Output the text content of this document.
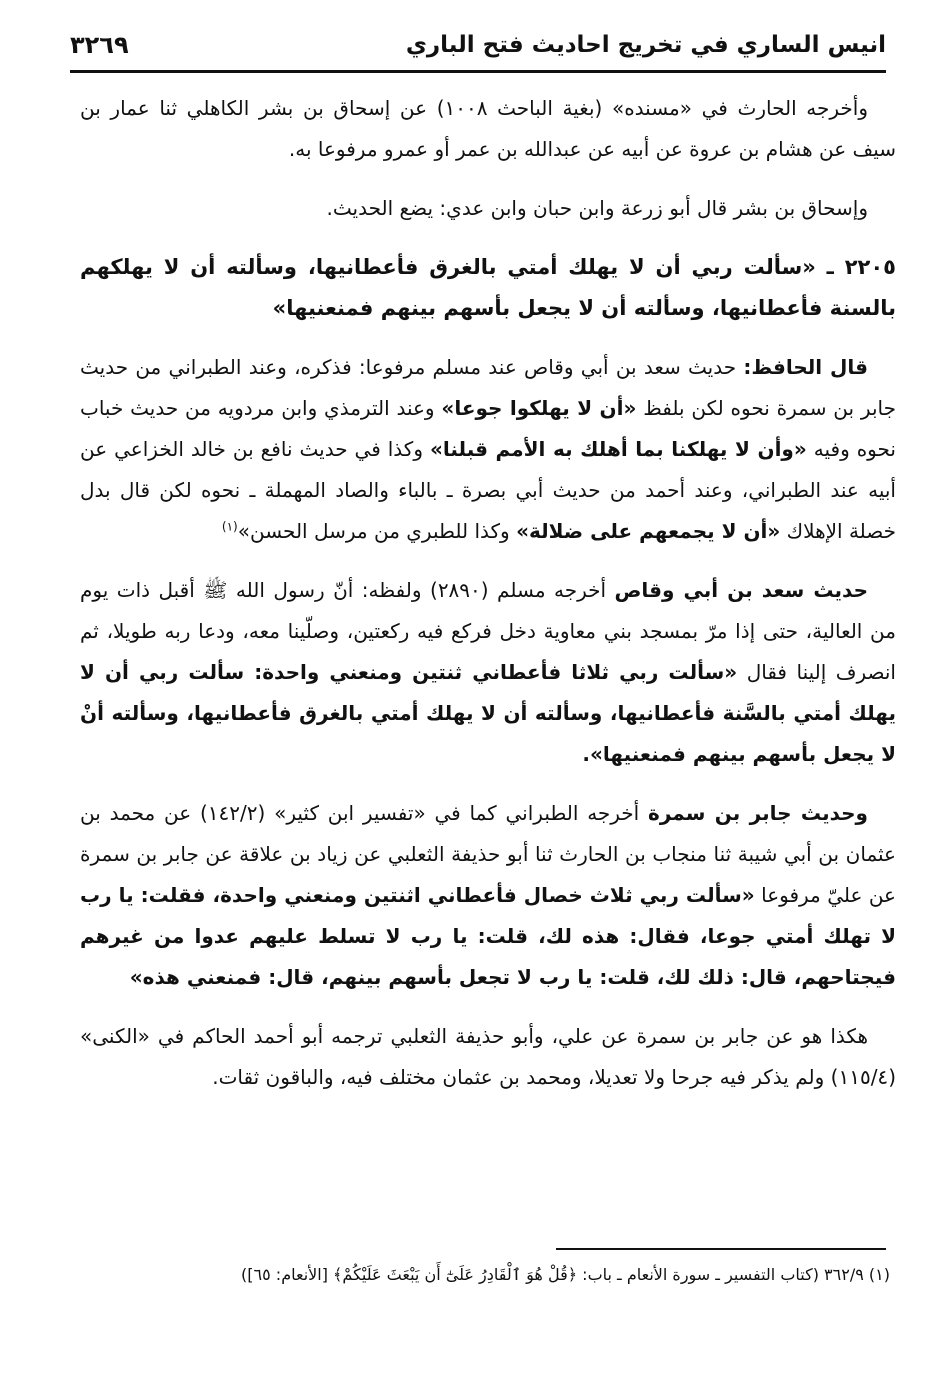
انيس الساري في تخريج احاديث فتح الباري
٣٢٦٩

وأخرجه الحارث في «مسنده» (بغية الباحث ١٠٠٨) عن إسحاق بن بشر الكاهلي ثنا عمار بن سيف عن هشام بن عروة عن أبيه عن عبدالله بن عمر أو عمرو مرفوعا به.

وإسحاق بن بشر قال أبو زرعة وابن حبان وابن عدي: يضع الحديث.

٢٢٠٥ ـ «سألت ربي أن لا يهلك أمتي بالغرق فأعطانيها، وسألته أن لا يهلكهم بالسنة فأعطانيها، وسألته أن لا يجعل بأسهم بينهم فمنعنيها»

قال الحافظ: حديث سعد بن أبي وقاص عند مسلم مرفوعا: فذكره، وعند الطبراني من حديث جابر بن سمرة نحوه لكن بلفظ «أن لا يهلكوا جوعا» وعند الترمذي وابن مردويه من حديث خباب نحوه وفيه «وأن لا يهلكنا بما أهلك به الأمم قبلنا» وكذا في حديث نافع بن خالد الخزاعي عن أبيه عند الطبراني، وعند أحمد من حديث أبي بصرة ـ بالباء والصاد المهملة ـ نحوه لكن قال بدل خصلة الإهلاك «أن لا يجمعهم على ضلالة» وكذا للطبري من مرسل الحسن»$^{(١)}$

حديث سعد بن أبي وقاص أخرجه مسلم (٢٨٩٠) ولفظه: أنّ رسول الله ﷺ أقبل ذات يوم من العالية، حتى إذا مرّ بمسجد بني معاوية دخل فركع فيه ركعتين، وصلّينا معه، ودعا ربه طويلا، ثم انصرف إلينا فقال «سألت ربي ثلاثا فأعطاني ثنتين ومنعني واحدة: سألت ربي أن لا يهلك أمتي بالسَّنة فأعطانيها، وسألته أن لا يهلك أمتي بالغرق فأعطانيها، وسألته أنْ لا يجعل بأسهم بينهم فمنعنيها».

وحديث جابر بن سمرة أخرجه الطبراني كما في «تفسير ابن كثير» (١٤٢/٢) عن محمد بن عثمان بن أبي شيبة ثنا منجاب بن الحارث ثنا أبو حذيفة الثعلبي عن زياد بن علاقة عن جابر بن سمرة عن عليّ مرفوعا «سألت ربي ثلاث خصال فأعطاني اثنتين ومنعني واحدة، فقلت: يا رب لا تهلك أمتي جوعا، فقال: هذه لك، قلت: يا رب لا تسلط عليهم عدوا من غيرهم فيجتاحهم، قال: ذلك لك، قلت: يا رب لا تجعل بأسهم بينهم، قال: فمنعني هذه»

هكذا هو عن جابر بن سمرة عن علي، وأبو حذيفة الثعلبي ترجمه أبو أحمد الحاكم في «الكنى» (١١٥/٤) ولم يذكر فيه جرحا ولا تعديلا، ومحمد بن عثمان مختلف فيه، والباقون ثقات.

(١) ٣٦٢/٩ (كتاب التفسير ـ سورة الأنعام ـ باب: ﴿قُلْ هُوَ ٱلْقَادِرُ عَلَىٰٓ أَن يَبْعَثَ عَلَيْكُمْ﴾ [الأنعام: ٦٥])
